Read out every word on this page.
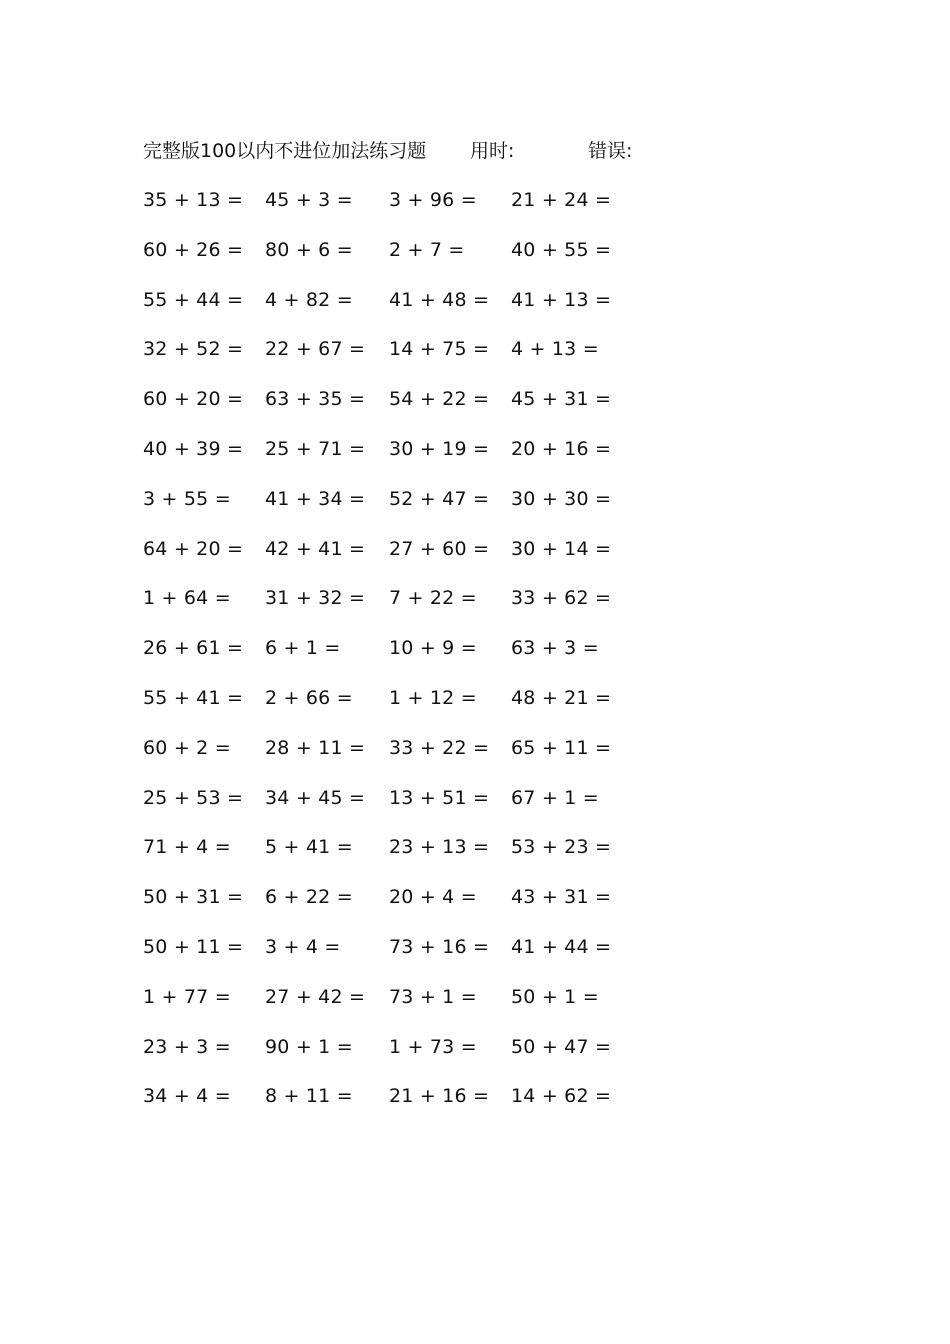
完整版100以内不进位加法练习题 用时:	错误:
35 + 13 = 45 + 3 = 3 + 96 = 21 + 24 =
60 + 26 = 80 + 6 = 2 + 7 = 40 + 55 =
55 + 44 = 4 + 82 = 41 + 48 = 41 + 13 =
32 + 52 = 22 + 67 = 14 + 75 = 4 + 13 =
60 + 20 = 63 + 35 = 54 + 22 = 45 + 31 =
40 + 39 = 25 + 71 = 30 + 19 = 20 + 16 =
3 + 55 = 41 + 34 = 52 + 47 = 30 + 30 =
64 + 20 = 42 + 41 = 27 + 60 = 30 + 14 =
1 + 64 = 31 + 32 = 7 + 22 = 33 + 62 =
26 + 61 = 6 + 1 =	10 + 9 = 63 + 3 =
55 + 41 = 2 + 66 = 1 + 12 = 48 + 21 =
60 + 2 = 28 + 11 = 33 + 22 = 65 + 11 =
25 + 53 = 34 + 45 = 13 + 51 = 67 + 1 =
71 + 4 = 5 + 41 = 23 + 13 = 53 + 23 =
50 + 31 = 6 + 22 = 20 + 4 = 43 + 31 =
50 + 11 = 3 + 4 =	73 + 16 = 41 + 44 =
1 + 77 = 27 + 42 = 73 + 1 = 50 + 1 =
23 + 3 = 90 + 1 = 1 + 73 = 50 + 47 =
34 + 4 = 8 + 11 = 21 + 16 = 14 + 62 =
